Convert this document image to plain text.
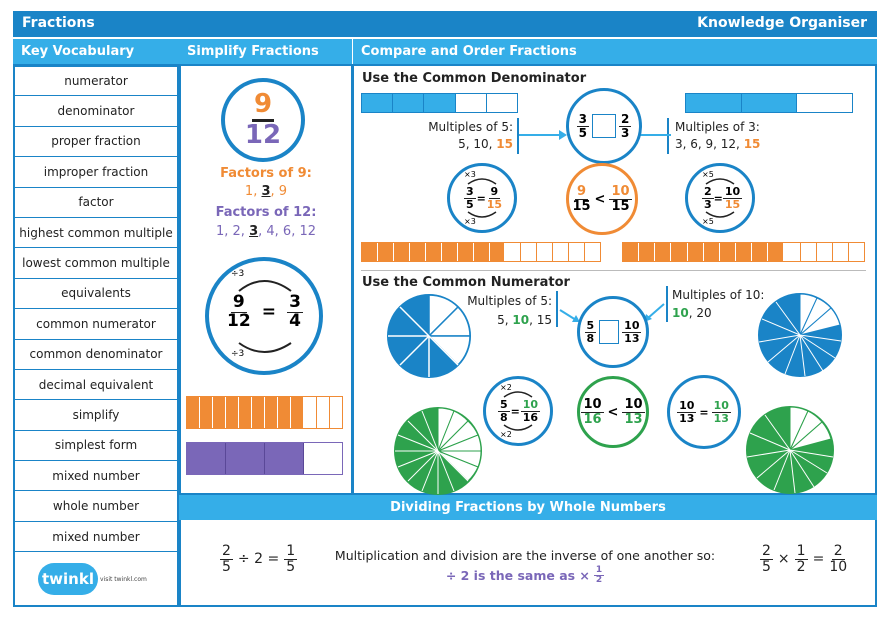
Fractions	Knowledge Organiser
Key Vocabulary	Simplify Fractions	Compare and Order Fractions
numerator
denominator
proper fraction
improper fraction
factor
highest common multiple
lowest common multiple
equivalents
common numerator
common denominator
decimal equivalent
simplify
simplest form
mixed number
whole number
mixed number
twinkl visit twinkl.com
$\frac{9}{12}$
Factors of 9:
1, 3, 9
Factors of 12:
1, 2, 3, 4, 6, 12
÷3
÷3
$\frac{9}{12} = \frac{3}{4}$
Use the Common Denominator
Multiples of 5:
5, 10, 15
Multiples of 3:
3, 6, 9, 12, 15
$\frac{3}{5}$	$\frac{2}{3}$
×3
×3
$\frac{3}{5} = \frac{9}{15}$	$\frac{9}{15} < \frac{10}{15}$
×5
×5
$\frac{2}{3} = \frac{10}{15}$
Use the Common Numerator
Multiples of 5:
5, 10, 15
Multiples of 10:
10, 20
$\frac{5}{8} \frac{10}{13}$
×2
×2
$\frac{5}{8} = \frac{10}{16}$	$\frac{10}{16} < \frac{10}{13}$	$\frac{10}{13} = \frac{10}{13}$
Dividing Fractions by Whole Numbers
$\frac{2}{5} \div 2 = \frac{1}{5}$	Multiplication and division are the inverse of one another so:
÷ 2 is the same as × $\frac{1}{2}$
$\frac{2}{5} \times \frac{1}{2} = \frac{2}{10}$
